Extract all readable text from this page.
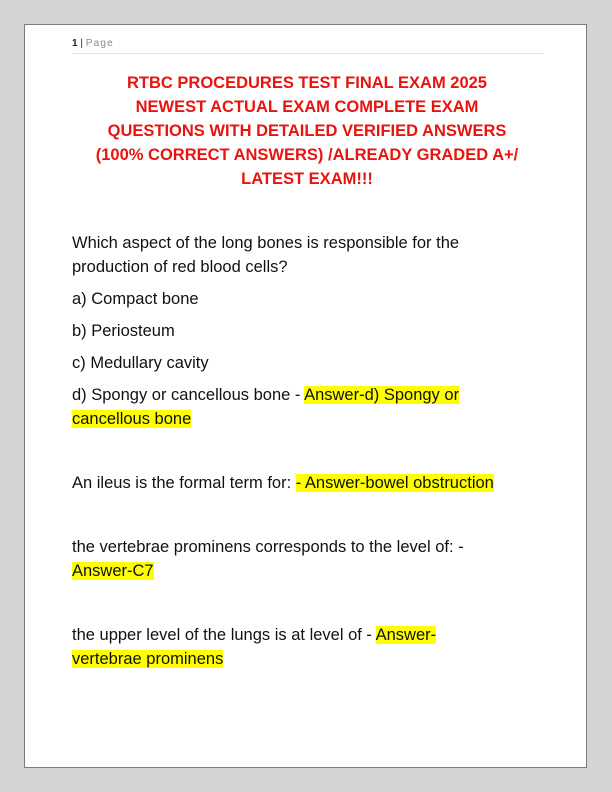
1 | Page
RTBC PROCEDURES TEST FINAL EXAM 2025
NEWEST ACTUAL EXAM COMPLETE EXAM
QUESTIONS WITH DETAILED VERIFIED ANSWERS
(100% CORRECT ANSWERS) /ALREADY GRADED A+/
LATEST EXAM!!!

Which aspect of the long bones is responsible for the

production of red blood cells?

a) Compact bone

b) Periosteum

c) Medullary cavity

d) Spongy or cancellous bone - Answer-d) Spongy or

cancellous bone

An ileus is the formal term for: - Answer-bowel obstruction

the vertebrae prominens corresponds to the level of: -

Answer-C7

the upper level of the lungs is at level of - Answer-

vertebrae prominens
